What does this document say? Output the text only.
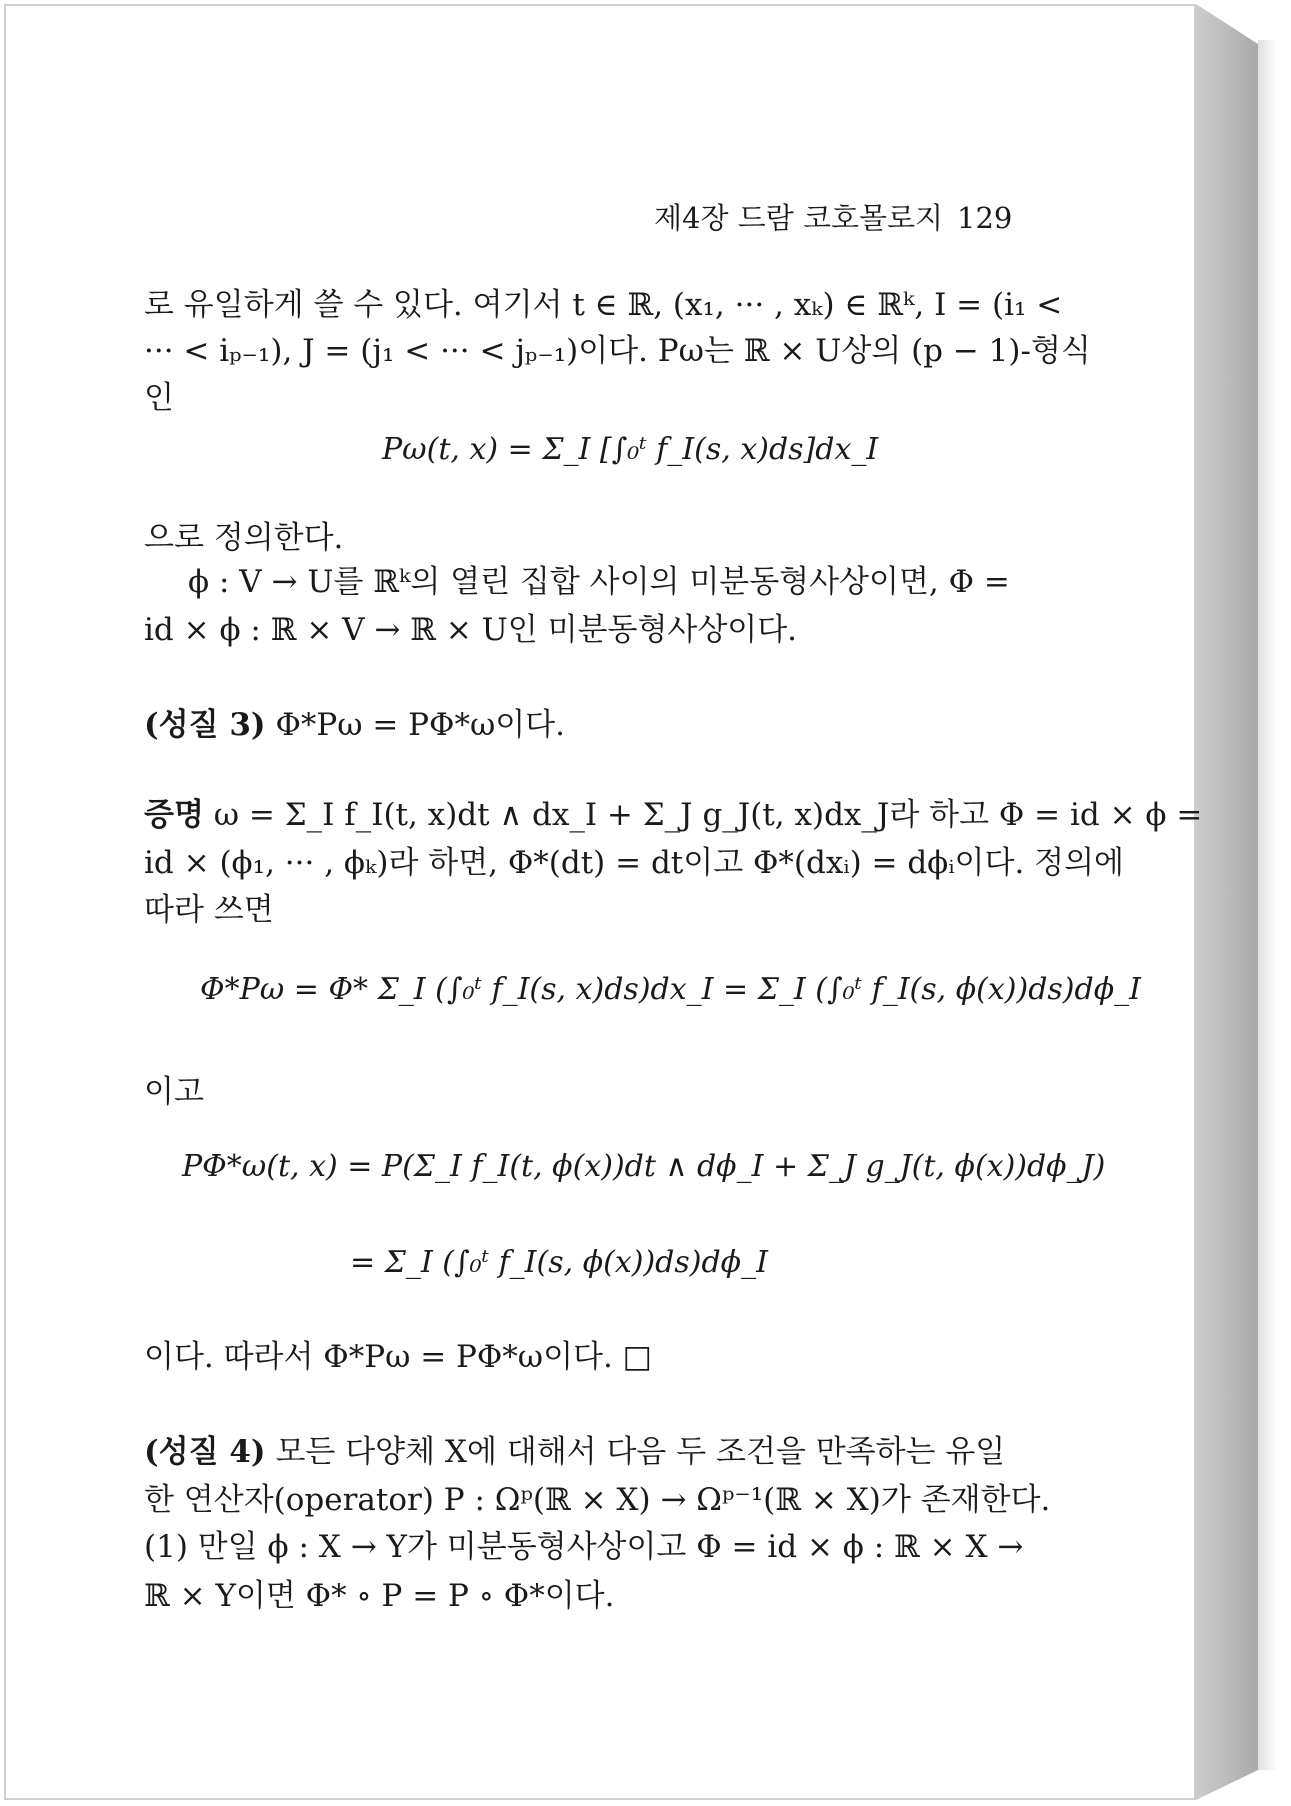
제4장 드람 코호몰로지 129
로 유일하게 쓸 수 있다. 여기서 t ∈ ℝ, (x₁, ··· , xₖ) ∈ ℝᵏ, I = (i₁ <
··· < iₚ₋₁), J = (j₁ < ··· < jₚ₋₁)이다. Pω는 ℝ × U상의 (p − 1)-형식
인
Pω(t, x) = Σ_I [∫₀ᵗ f_I(s, x)ds]dx_I
으로 정의한다.
ϕ : V → U를 ℝᵏ의 열린 집합 사이의 미분동형사상이면, Φ =
id × ϕ : ℝ × V → ℝ × U인 미분동형사상이다.
(성질 3) Φ*Pω = PΦ*ω이다.
증명 ω = Σ_I f_I(t, x)dt ∧ dx_I + Σ_J g_J(t, x)dx_J라 하고 Φ = id × ϕ =
id × (ϕ₁, ··· , ϕₖ)라 하면, Φ*(dt) = dt이고 Φ*(dxᵢ) = dϕᵢ이다. 정의에
따라 쓰면
Φ*Pω = Φ* Σ_I (∫₀ᵗ f_I(s, x)ds)dx_I = Σ_I (∫₀ᵗ f_I(s, ϕ(x))ds)dϕ_I
이고
PΦ*ω(t, x) = P(Σ_I f_I(t, ϕ(x))dt ∧ dϕ_I + Σ_J g_J(t, ϕ(x))dϕ_J)
= Σ_I (∫₀ᵗ f_I(s, ϕ(x))ds)dϕ_I
이다. 따라서 Φ*Pω = PΦ*ω이다. □
(성질 4) 모든 다양체 X에 대해서 다음 두 조건을 만족하는 유일
한 연산자(operator) P : Ωᵖ(ℝ × X) → Ωᵖ⁻¹(ℝ × X)가 존재한다.
(1) 만일 ϕ : X → Y가 미분동형사상이고 Φ = id × ϕ : ℝ × X →
ℝ × Y이면 Φ* ∘ P = P ∘ Φ*이다.
